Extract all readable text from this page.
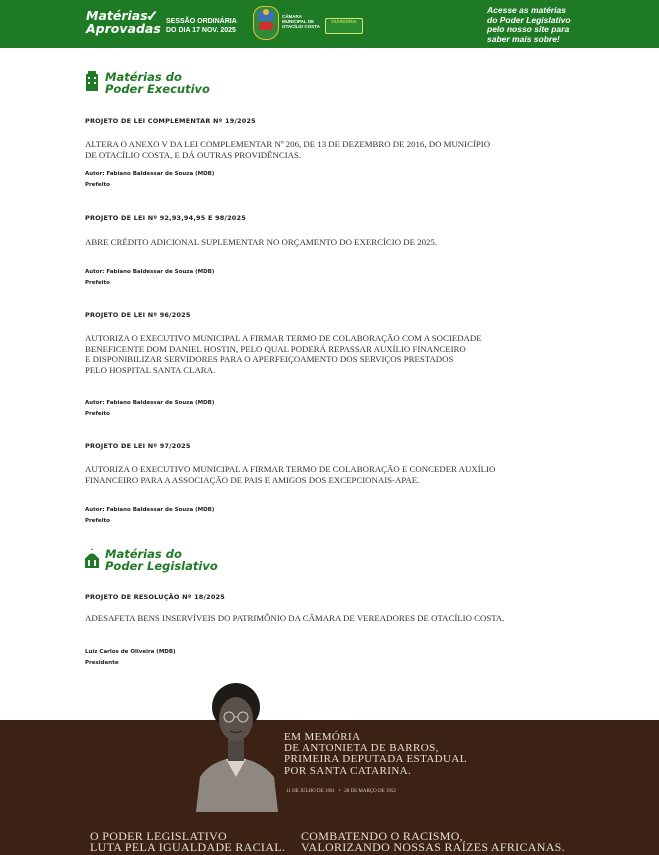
Matérias
Aprovadas
✓ SESSÃO ORDINÁRIA
DO DIA 17 NOV. 2025
CÂMARA MUNICIPAL DE OTACÍLIO COSTA
OUVIDORIA
Acesse as matérias
do Poder Legislativo
pelo nosso site para
saber mais sobre!
Matérias do
Poder Executivo
PROJETO DE LEI COMPLEMENTAR Nº 19/2025
ALTERA O ANEXO V DA LEI COMPLEMENTAR Nº 206, DE 13 DE DEZEMBRO DE 2016, DO MUNICÍPIO
DE OTACÍLIO COSTA, E DÁ OUTRAS PROVIDÊNCIAS.
Autor: Fabiano Baldessar de Souza (MDB)
Prefeito
PROJETO DE LEI Nº 92,93,94,95 E 98/2025
ABRE CRÉDITO ADICIONAL SUPLEMENTAR NO ORÇAMENTO DO EXERCÍCIO DE 2025.
Autor: Fabiano Baldessar de Souza (MDB)
Prefeito
PROJETO DE LEI Nº 96/2025
AUTORIZA O EXECUTIVO MUNICIPAL A FIRMAR TERMO DE COLABORAÇÃO COM A SOCIEDADE
BENEFICENTE DOM DANIEL HOSTIN, PELO QUAL PODERÁ REPASSAR AUXÍLIO FINANCEIRO
E DISPONIBILIZAR SERVIDORES PARA O APERFEIÇOAMENTO DOS SERVIÇOS PRESTADOS
PELO HOSPITAL SANTA CLARA.
Autor: Fabiano Baldessar de Souza (MDB)
Prefeito
PROJETO DE LEI Nº 97/2025
AUTORIZA O EXECUTIVO MUNICIPAL A FIRMAR TERMO DE COLABORAÇÃO E CONCEDER AUXÍLIO
FINANCEIRO PARA A ASSOCIAÇÃO DE PAIS E AMIGOS DOS EXCEPCIONAIS-APAE.
Autor: Fabiano Baldessar de Souza (MDB)
Prefeito
Matérias do
Poder Legislativo
PROJETO DE RESOLUÇÃO Nº 18/2025
ADESAFETA BENS INSERVÍVEIS DO PATRIMÔNIO DA CÂMARA DE VEREADORES DE OTACÍLIO COSTA.
Luiz Carlos de Oliveira (MDB)
Presidente
EM MEMÓRIA
DE ANTONIETA DE BARROS,
PRIMEIRA DEPUTADA ESTADUAL
POR SANTA CATARINA.
11 DE JULHO DE 1901   •   28 DE MARÇO DE 1952
O PODER LEGISLATIVO
LUTA PELA IGUALDADE RACIAL.
COMBATENDO O RACISMO,
VALORIZANDO NOSSAS RAÍZES AFRICANAS.
